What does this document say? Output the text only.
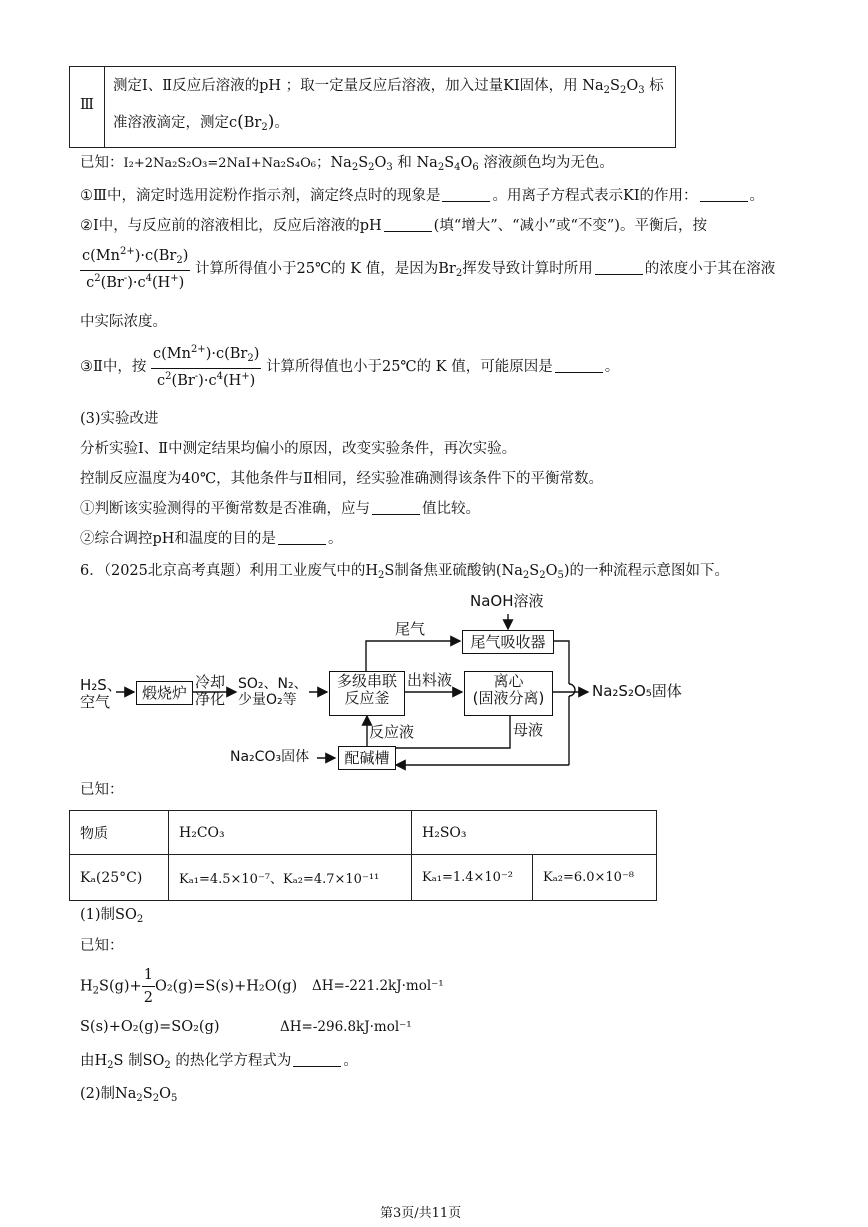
Ⅲ
测定Ⅰ、Ⅱ反应后溶液的pH ；取一定量反应后溶液，加入过量KI固体，用 $Na_2S_2O_3$ 标
准溶液滴定，测定$c(Br_2)$。
已知：I₂+2Na₂S₂O₃=2NaI+Na₂S₄O₆；$Na_2S_2O_3$ 和 $Na_2S_4O_6$ 溶液颜色均为无色。
①Ⅲ中，滴定时选用淀粉作指示剂，滴定终点时的现象是	。用离子方程式表示KI的作用：	。
②Ⅰ中，与反应前的溶液相比，反应后溶液的pH	(填“增大”、“减小”或“不变”)。平衡后，按
$\frac{c(Mn^{2+})\cdot c(Br_2)}{c^2(Br^-)\cdot c^4(H^+)}$ 计算所得值小于25℃的 K 值，是因为$Br_2$挥发导致计算时所用	的浓度小于其在溶液
中实际浓度。
③Ⅱ中，按 $\frac{c(Mn^{2+})\cdot c(Br_2)}{c^2(Br^-)\cdot c^4(H^+)}$ 计算所得值也小于25℃的 K 值，可能原因是	。
(3)实验改进
分析实验Ⅰ、Ⅱ中测定结果均偏小的原因，改变实验条件，再次实验。
控制反应温度为40℃，其他条件与Ⅱ相同，经实验准确测得该条件下的平衡常数。
①判断该实验测得的平衡常数是否准确，应与	值比较。
②综合调控pH和温度的目的是	。
6．（2025北京高考真题）利用工业废气中的$H_2S$制备焦亚硫酸钠$(Na_2S_2O_5)$的一种流程示意图如下。
NaOH溶液
尾气
尾气吸收器
H₂S、
空气
煅烧炉
冷却
净化
SO₂、N₂、
少量O₂等
多级串联
反应釜
出料液	离心
(固液分离)	Na₂S₂O₅固体
反应液	母液
Na₂CO₃固体	配碱槽
已知：
物质	H₂CO₃	H₂SO₃	
Kₐ(25°C)	Kₐ₁=4.5×10⁻⁷、Kₐ₂=4.7×10⁻¹¹	Kₐ₁=1.4×10⁻²	Kₐ₂=6.0×10⁻⁸
(1)制$SO_2$
已知：
$H_2S(g)+ \frac{1}{2} O_2(g)=S(s)+H_2O(g)$ ΔH=-221.2kJ·mol⁻¹
S(s)+O₂(g)=SO₂(g)	ΔH=-296.8kJ·mol⁻¹
由$H_2S$ 制$SO_2$ 的热化学方程式为	。
(2)制$Na_2S_2O_5$
第3页/共11页
